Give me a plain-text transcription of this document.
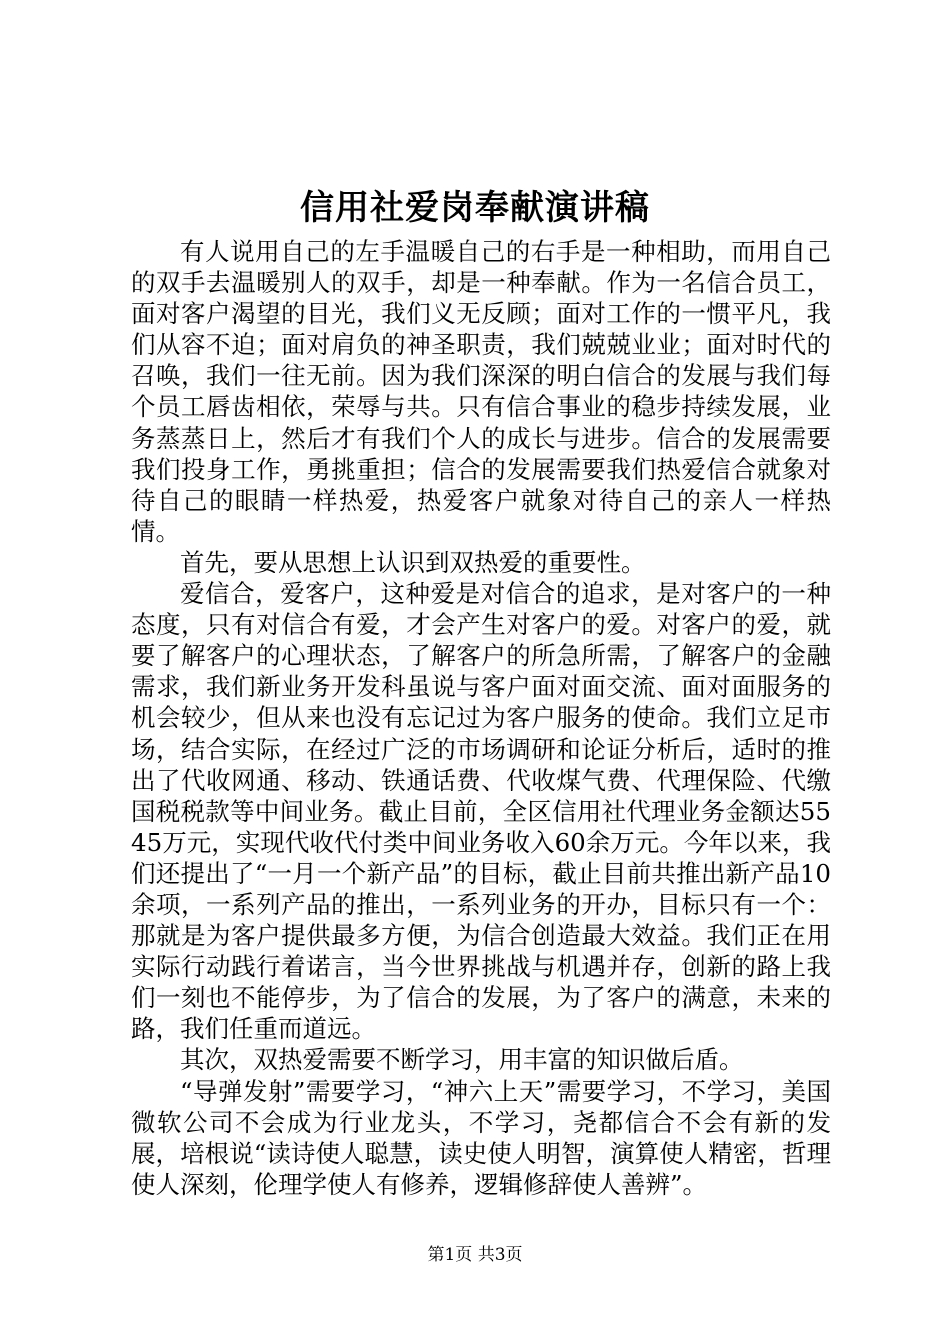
信用社爱岗奉献演讲稿

有人说用自己的左手温暖自己的右手是一种相助，而用自己的双手去温暖别人的双手，却是一种奉献。作为一名信合员工，面对客户渴望的目光，我们义无反顾；面对工作的一惯平凡，我们从容不迫；面对肩负的神圣职责，我们兢兢业业；面对时代的召唤，我们一往无前。因为我们深深的明白信合的发展与我们每个员工唇齿相依，荣辱与共。只有信合事业的稳步持续发展，业务蒸蒸日上，然后才有我们个人的成长与进步。信合的发展需要我们投身工作，勇挑重担；信合的发展需要我们热爱信合就象对待自己的眼睛一样热爱，热爱客户就象对待自己的亲人一样热情。

首先，要从思想上认识到双热爱的重要性。

爱信合，爱客户，这种爱是对信合的追求，是对客户的一种态度，只有对信合有爱，才会产生对客户的爱。对客户的爱，就要了解客户的心理状态，了解客户的所急所需，了解客户的金融需求，我们新业务开发科虽说与客户面对面交流、面对面服务的机会较少，但从来也没有忘记过为客户服务的使命。我们立足市场，结合实际，在经过广泛的市场调研和论证分析后，适时的推出了代收网通、移动、铁通话费、代收煤气费、代理保险、代缴国税税款等中间业务。截止目前，全区信用社代理业务金额达5545万元，实现代收代付类中间业务收入60余万元。今年以来，我们还提出了“一月一个新产品”的目标，截止目前共推出新产品10余项，一系列产品的推出，一系列业务的开办，目标只有一个：那就是为客户提供最多方便，为信合创造最大效益。我们正在用实际行动践行着诺言，当今世界挑战与机遇并存，创新的路上我们一刻也不能停步，为了信合的发展，为了客户的满意，未来的路，我们任重而道远。

其次，双热爱需要不断学习，用丰富的知识做后盾。

“导弹发射”需要学习，“神六上天”需要学习，不学习，美国微软公司不会成为行业龙头，不学习，尧都信合不会有新的发展，培根说“读诗使人聪慧，读史使人明智，演算使人精密，哲理使人深刻，伦理学使人有修养，逻辑修辞使人善辨”。

第1页 共3页
